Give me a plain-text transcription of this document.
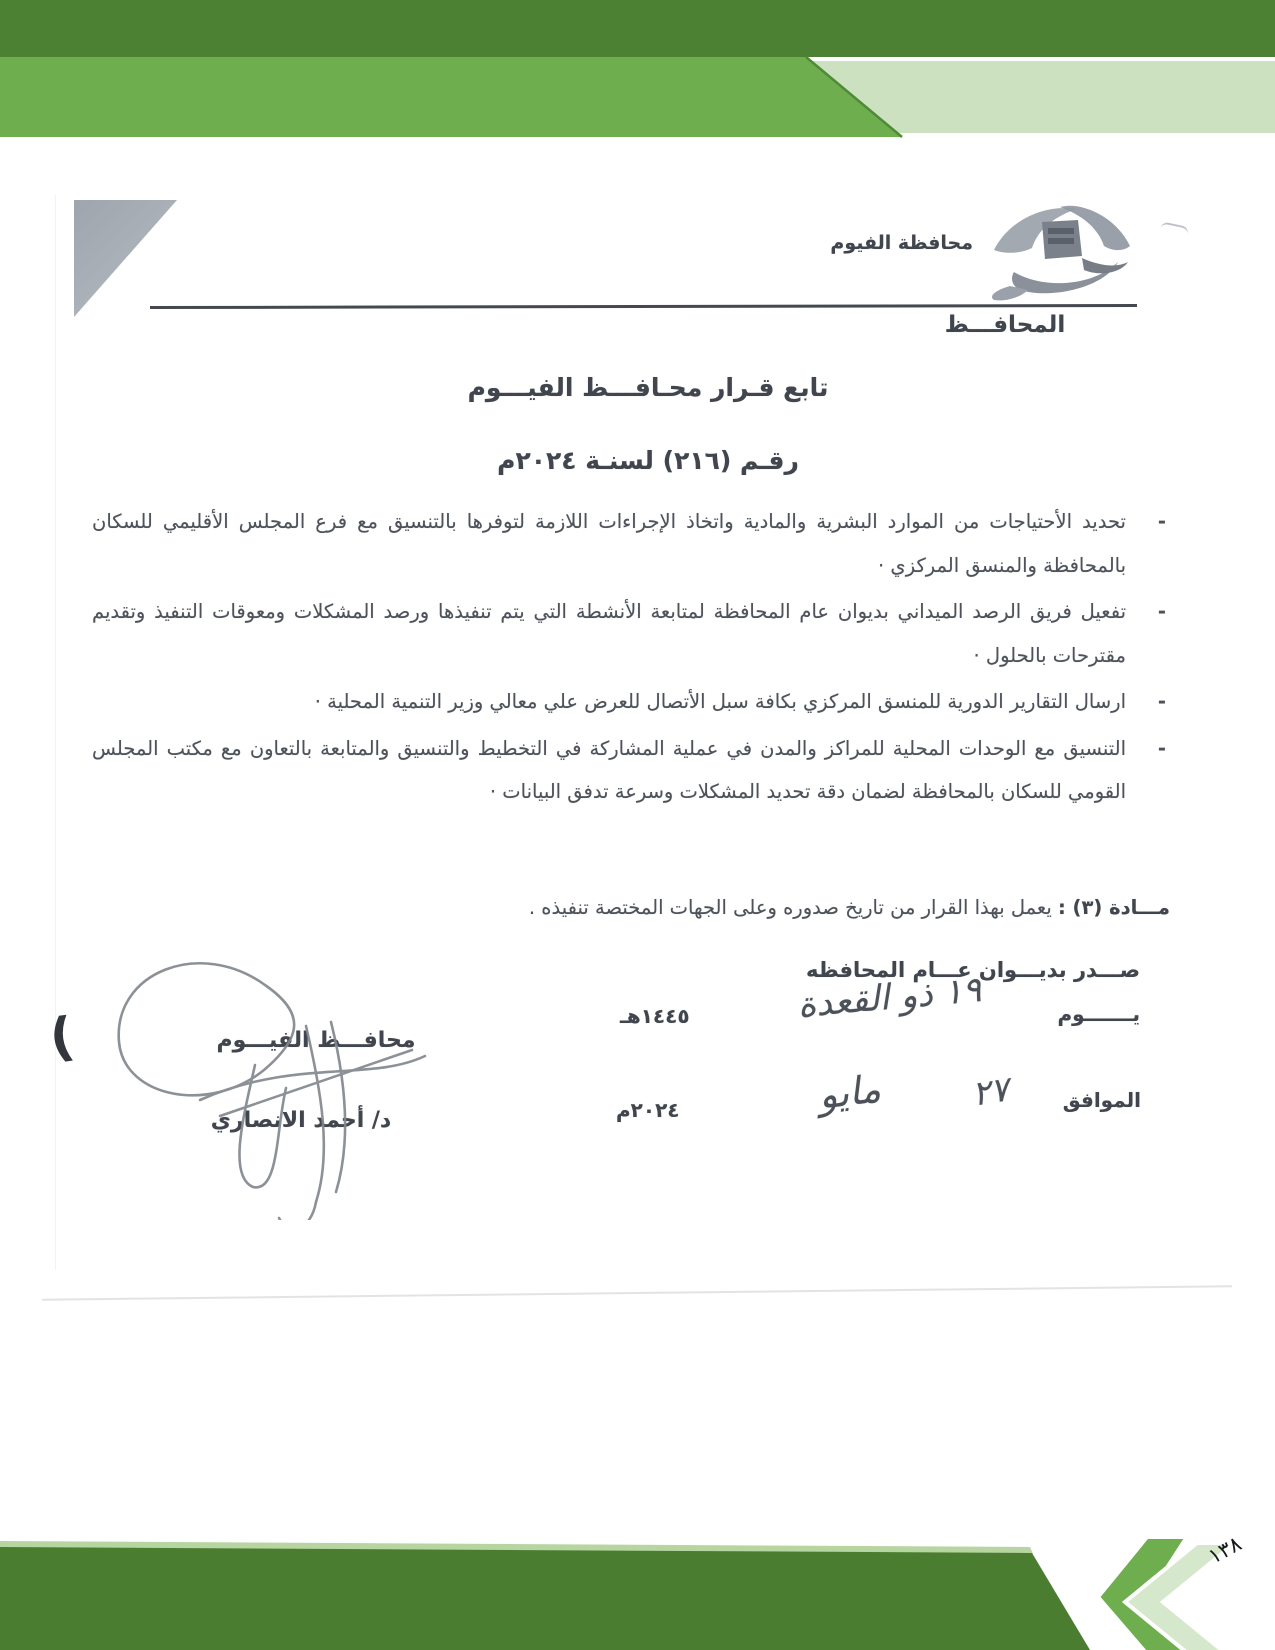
محافظة الفيوم
المحافـــظ
تابع قـرار محـافـــظ الفيـــوم
رقـم (٢١٦) لسنـة ٢٠٢٤م
-
تحديد الأحتياجات من الموارد البشرية والمادية واتخاذ الإجراءات اللازمة لتوفرها بالتنسيق مع فرع المجلس الأقليمي للسكان بالمحافظة والمنسق المركزي ·
-
تفعيل فريق الرصد الميداني بديوان عام المحافظة لمتابعة الأنشطة التي يتم تنفيذها ورصد المشكلات ومعوقات التنفيذ وتقديم مقترحات بالحلول ·
-
ارسال التقارير الدورية للمنسق المركزي بكافة سبل الأتصال للعرض علي معالي وزير التنمية المحلية ·
-
التنسيق مع الوحدات المحلية للمراكز والمدن في عملية المشاركة في التخطيط والتنسيق والمتابعة بالتعاون مع مكتب المجلس القومي للسكان بالمحافظة لضمان دقة تحديد المشكلات وسرعة تدفق البيانات ·
مـــادة (٣) : يعمل بهذا القرار من تاريخ صدوره وعلى الجهات المختصة تنفيذه .
صـــدر بديـــوان عـــام المحافظه
يـــــــوم
١٩ ذو القعدة
١٤٤٥هـ
الموافق
٢٧
مايو
٢٠٢٤م
محافـــظ الفيـــوم
د/ أحمد الانصاري
(
١٣٨
